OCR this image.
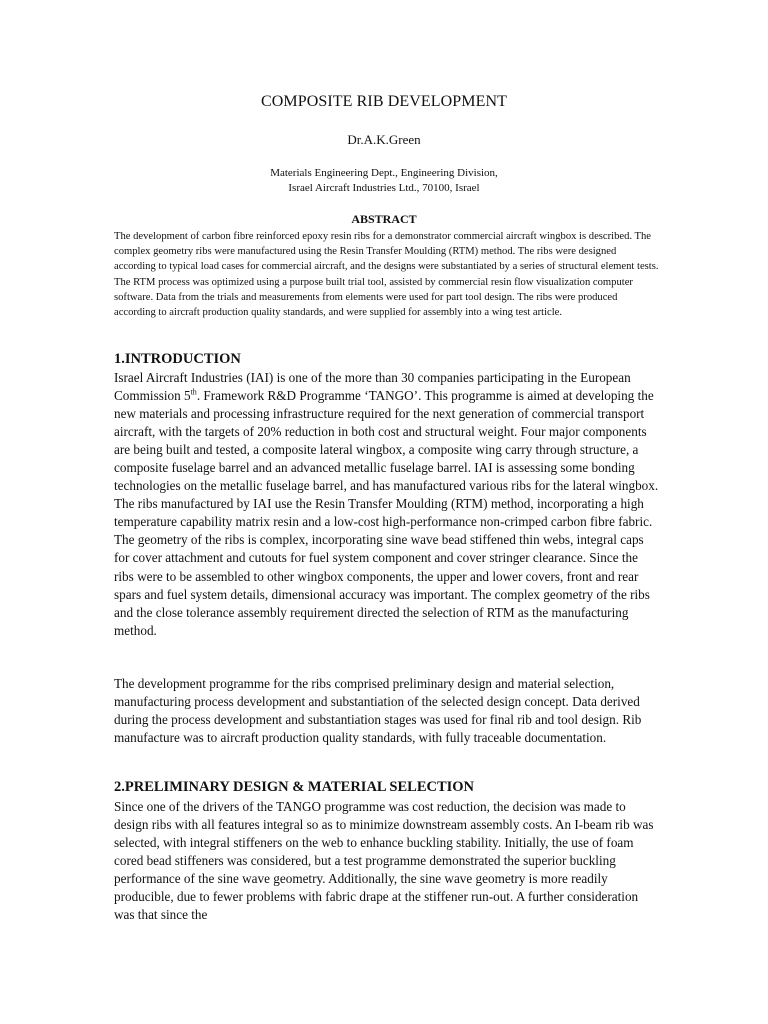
COMPOSITE RIB DEVELOPMENT
Dr.A.K.Green
Materials Engineering Dept., Engineering Division,
Israel Aircraft Industries Ltd., 70100, Israel
ABSTRACT
The development of carbon fibre reinforced epoxy resin ribs for a demonstrator commercial aircraft wingbox is described. The complex geometry ribs were manufactured using the Resin Transfer Moulding (RTM) method. The ribs were designed according to typical load cases for commercial aircraft, and the designs were substantiated by a series of structural element tests. The RTM process was optimized using a purpose built trial tool, assisted by commercial resin flow visualization computer software. Data from the trials and measurements from elements were used for part tool design. The ribs were produced according to aircraft production quality standards, and were supplied for assembly into a wing test article.
1.INTRODUCTION

Israel Aircraft Industries (IAI) is one of the more than 30 companies participating in the European Commission 5th. Framework R&D Programme ‘TANGO’. This programme is aimed at developing the new materials and processing infrastructure required for the next generation of commercial transport aircraft, with the targets of 20% reduction in both cost and structural weight. Four major components are being built and tested, a composite lateral wingbox, a composite wing carry through structure, a composite fuselage barrel and an advanced metallic fuselage barrel. IAI is assessing some bonding technologies on the metallic fuselage barrel, and has manufactured various ribs for the lateral wingbox. The ribs manufactured by IAI use the Resin Transfer Moulding (RTM) method, incorporating a high temperature capability matrix resin and a low-cost high-performance non-crimped carbon fibre fabric. The geometry of the ribs is complex, incorporating sine wave bead stiffened thin webs, integral caps for cover attachment and cutouts for fuel system component and cover stringer clearance. Since the ribs were to be assembled to other wingbox components, the upper and lower covers, front and rear spars and fuel system details, dimensional accuracy was important. The complex geometry of the ribs and the close tolerance assembly requirement directed the selection of RTM as the manufacturing method.

The development programme for the ribs comprised preliminary design and material selection, manufacturing process development and substantiation of the selected design concept. Data derived during the process development and substantiation stages was used for final rib and tool design. Rib manufacture was to aircraft production quality standards, with fully traceable documentation.

2.PRELIMINARY DESIGN & MATERIAL SELECTION

Since one of the drivers of the TANGO programme was cost reduction, the decision was made to design ribs with all features integral so as to minimize downstream assembly costs. An I-beam rib was selected, with integral stiffeners on the web to enhance buckling stability. Initially, the use of foam cored bead stiffeners was considered, but a test programme demonstrated the superior buckling performance of the sine wave geometry. Additionally, the sine wave geometry is more readily producible, due to fewer problems with fabric drape at the stiffener run-out. A further consideration was that since the
